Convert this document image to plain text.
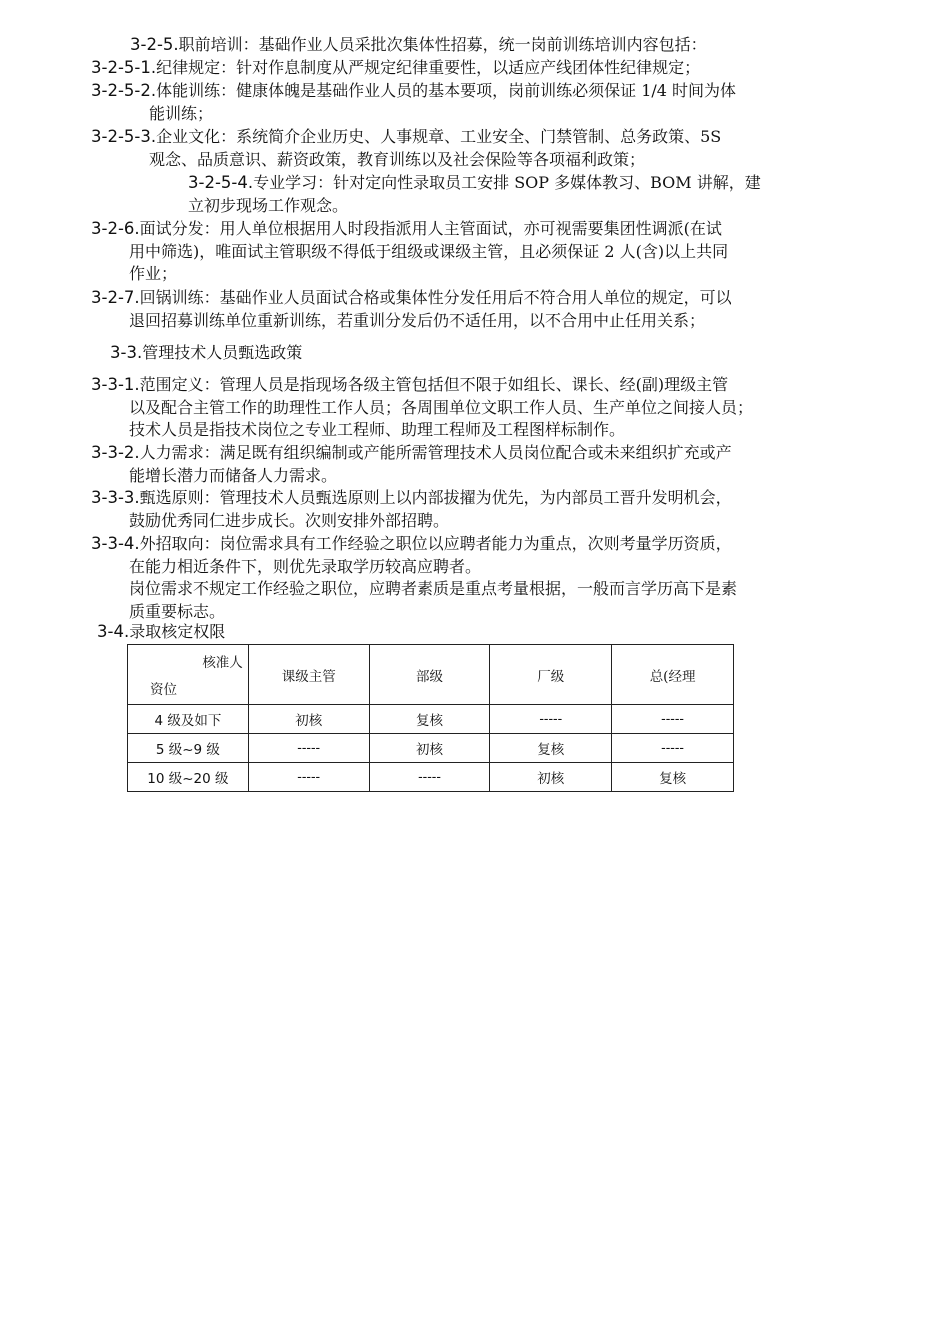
3-2-5.职前培训：基础作业人员采批次集体性招募，统一岗前训练培训内容包括：
3-2-5-1.纪律规定：针对作息制度从严规定纪律重要性，以适应产线团体性纪律规定；
3-2-5-2.体能训练：健康体魄是基础作业人员的基本要项，岗前训练必须保证 1/4 时间为体
能训练；
3-2-5-3.企业文化：系统简介企业历史、人事规章、工业安全、门禁管制、总务政策、5S
观念、品质意识、薪资政策，教育训练以及社会保险等各项福利政策；
3-2-5-4.专业学习：针对定向性录取员工安排 SOP 多媒体教习、BOM 讲解，建
立初步现场工作观念。
3-2-6.面试分发：用人单位根据用人时段指派用人主管面试，亦可视需要集团性调派(在试
用中筛选)，唯面试主管职级不得低于组级或课级主管，且必须保证 2 人(含)以上共同
作业；
3-2-7.回锅训练：基础作业人员面试合格或集体性分发任用后不符合用人单位的规定，可以
退回招募训练单位重新训练，若重训分发后仍不适任用，以不合用中止任用关系；
3-3.管理技术人员甄选政策
3-3-1.范围定义：管理人员是指现场各级主管包括但不限于如组长、课长、经(副)理级主管
以及配合主管工作的助理性工作人员；各周围单位文职工作人员、生产单位之间接人员；
技术人员是指技术岗位之专业工程师、助理工程师及工程图样标制作。
3-3-2.人力需求：满足既有组织编制或产能所需管理技术人员岗位配合或未来组织扩充或产
能增长潜力而储备人力需求。
3-3-3.甄选原则：管理技术人员甄选原则上以内部拔擢为优先，为内部员工晋升发明机会，
鼓励优秀同仁进步成长。次则安排外部招聘。
3-3-4.外招取向：岗位需求具有工作经验之职位以应聘者能力为重点，次则考量学历资质，
在能力相近条件下，则优先录取学历较高应聘者。
岗位需求不规定工作经验之职位，应聘者素质是重点考量根据，一般而言学历高下是素
质重要标志。
3-4.录取核定权限
核准人
资位	课级主管	部级	厂级	总(经理
4 级及如下	初核	复核	-----	-----
5 级~9 级	-----	初核	复核	-----
10 级~20 级	-----	-----	初核	复核
